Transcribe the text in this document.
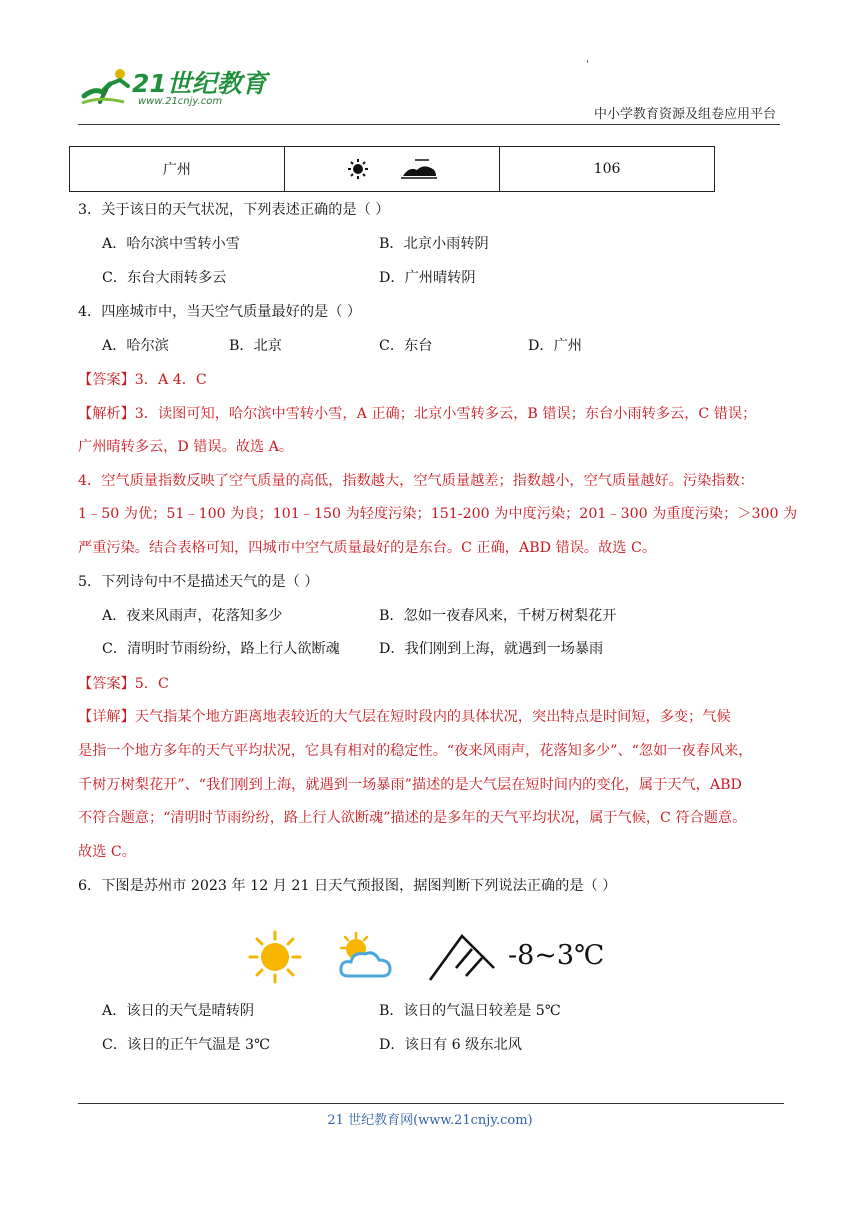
21世纪教育
www.21cnjy.com
'
中小学教育资源及组卷应用平台
广州		106
3．关于该日的天气状况，下列表述正确的是（ ）
A．哈尔滨中雪转小雪	B．北京小雨转阴
C．东台大雨转多云	D．广州晴转阴
4．四座城市中，当天空气质量最好的是（ ）
A．哈尔滨	B．北京	C．东台	D．广州
【答案】3．A 4．C
【解析】3．读图可知，哈尔滨中雪转小雪，A 正确；北京小雪转多云，B 错误；东台小雨转多云，C 错误；
广州晴转多云，D 错误。故选 A。
4．空气质量指数反映了空气质量的高低，指数越大，空气质量越差；指数越小，空气质量越好。污染指数：
1﹣50 为优；51﹣100 为良；101﹣150 为轻度污染；151-200 为中度污染；201﹣300 为重度污染；＞300 为
严重污染。结合表格可知，四城市中空气质量最好的是东台。C 正确，ABD 错误。故选 C。
5．下列诗句中不是描述天气的是（ ）
A．夜来风雨声，花落知多少	B．忽如一夜春风来，千树万树梨花开
C．清明时节雨纷纷，路上行人欲断魂	D．我们刚到上海，就遇到一场暴雨
【答案】5．C
【详解】天气指某个地方距离地表较近的大气层在短时段内的具体状况，突出特点是时间短，多变；气候
是指一个地方多年的天气平均状况，它具有相对的稳定性。“夜来风雨声，花落知多少”、“忽如一夜春风来，
千树万树梨花开”、“我们刚到上海，就遇到一场暴雨”描述的是大气层在短时间内的变化，属于天气，ABD
不符合题意；“清明时节雨纷纷，路上行人欲断魂”描述的是多年的天气平均状况，属于气候，C 符合题意。
故选 C。
6．下图是苏州市 2023 年 12 月 21 日天气预报图，据图判断下列说法正确的是（ ）
-8~3℃
A．该日的天气是晴转阴	B．该日的气温日较差是 5℃
C．该日的正午气温是 3℃	D．该日有 6 级东北风
21 世纪教育网(www.21cnjy.com)
